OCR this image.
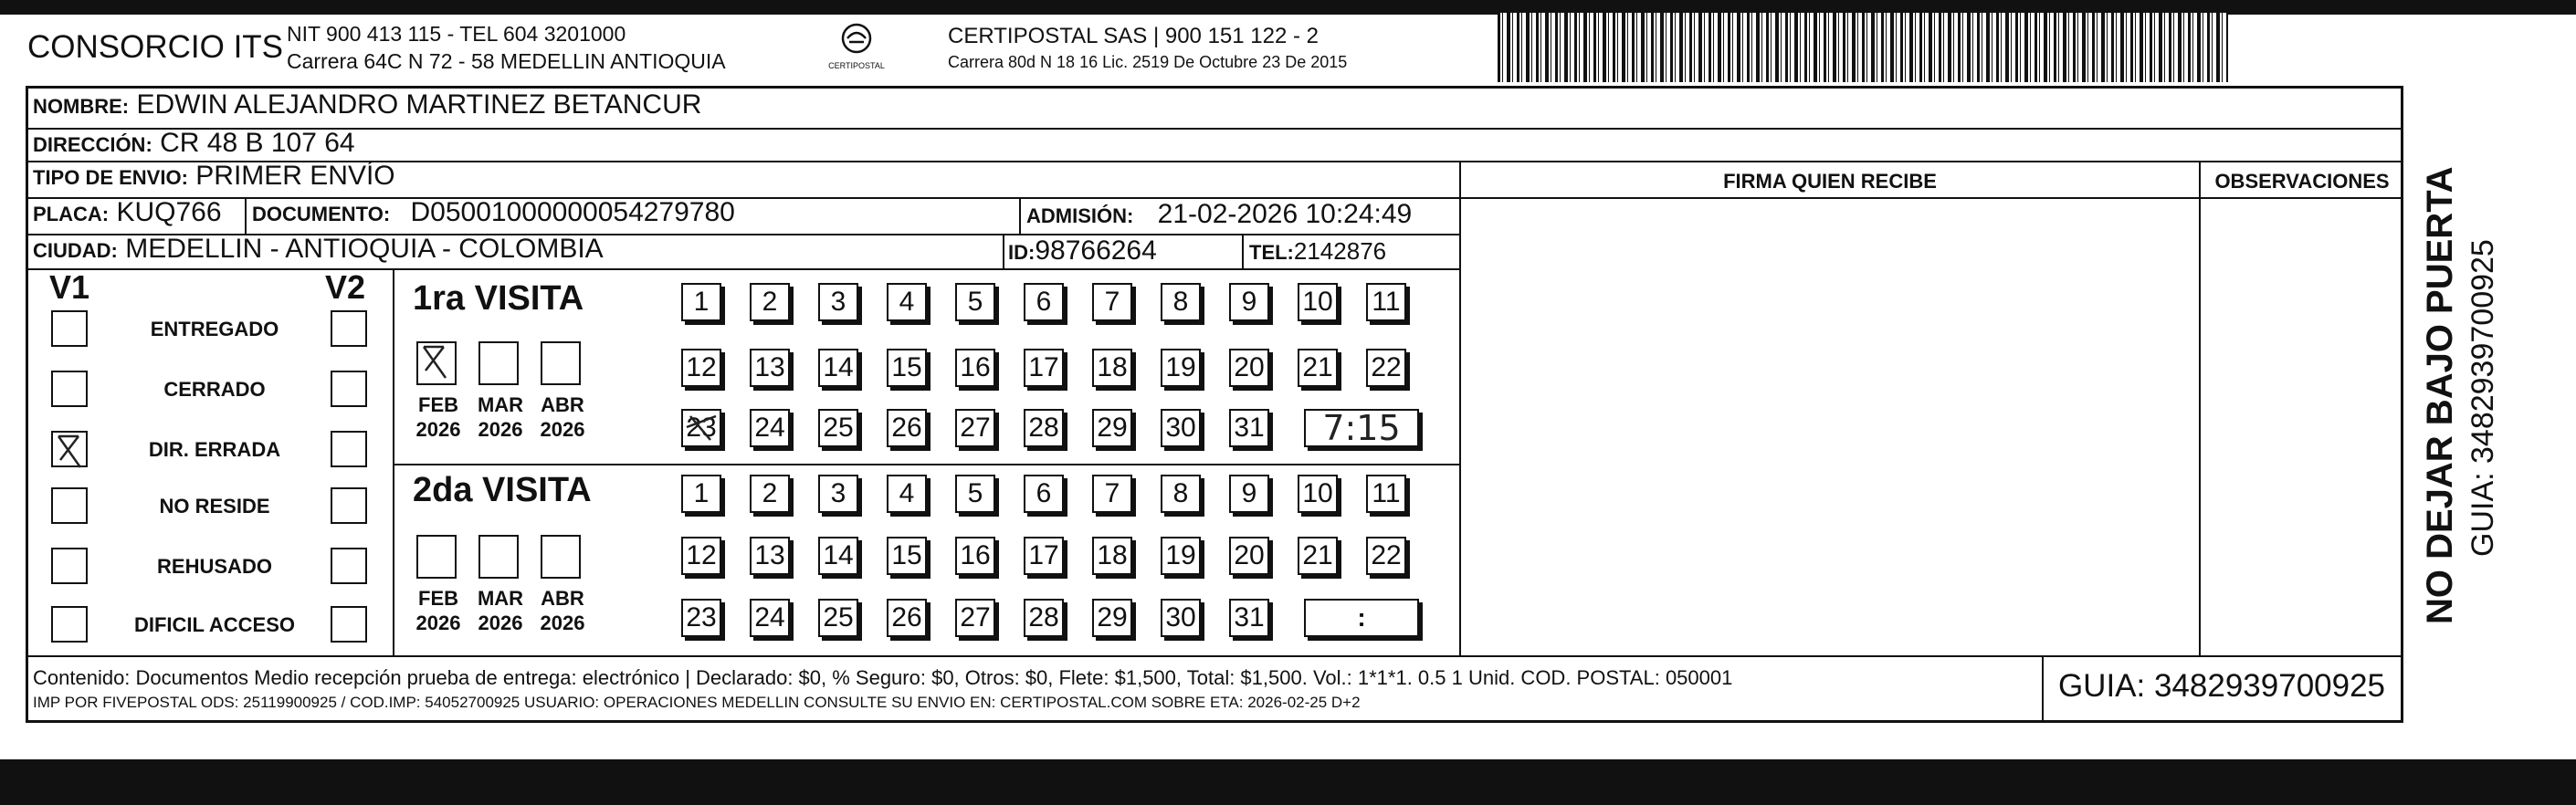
CONSORCIO ITS NIT 900 413 115 - TEL 604 3201000
Carrera 64C N 72 - 58 MEDELLIN ANTIOQUIA	CERTIPOSTAL
CERTIPOSTAL SAS | 900 151 122 - 2
Carrera 80d N 18 16 Lic. 2519 De Octubre 23 De 2015
NOMBRE: EDWIN ALEJANDRO MARTINEZ BETANCUR
DIRECCIÓN: CR 48 B 107 64
TIPO DE ENVIO: PRIMER ENVÍO
PLACA: KUQ766 DOCUMENTO: D05001000000054279780	ADMISIÓN: 21-02-2026 10:24:49
CIUDAD: MEDELLIN - ANTIOQUIA - COLOMBIA	ID:98766264	TEL:2142876
FIRMA QUIEN RECIBE	OBSERVACIONES
V1	V2
ENTREGADO
CERRADO
DIR. ERRADA
NO RESIDE
REHUSADO
DIFICIL ACCESO
1ra VISITA
FEB
2026
MAR
2026
ABR
2026
1	2	3	4	5	6	7	8	9	10 11
12 13 14 15 16 17 18 19 20 21 22
23 24 25 26 27 28 29 30 31	7:15
2da VISITA
FEB
2026
MAR
2026
ABR
2026
1	2	3	4	5	6	7	8	9	10 11
12 13 14 15 16 17 18 19 20 21 22
23 24 25 26 27 28 29 30 31	:
Contenido: Documentos Medio recepción prueba de entrega: electrónico | Declarado: $0, % Seguro: $0, Otros: $0, Flete: $1,500, Total: $1,500. Vol.: 1*1*1. 0.5 1 Unid. COD. POSTAL: 050001
IMP POR FIVEPOSTAL ODS: 25119900925 / COD.IMP: 54052700925 USUARIO: OPERACIONES MEDELLIN CONSULTE SU ENVIO EN: CERTIPOSTAL.COM SOBRE ETA: 2026-02-25 D+2	GUIA: 3482939700925
NO DEJAR BAJO PUERTA GUIA: 3482939700925
